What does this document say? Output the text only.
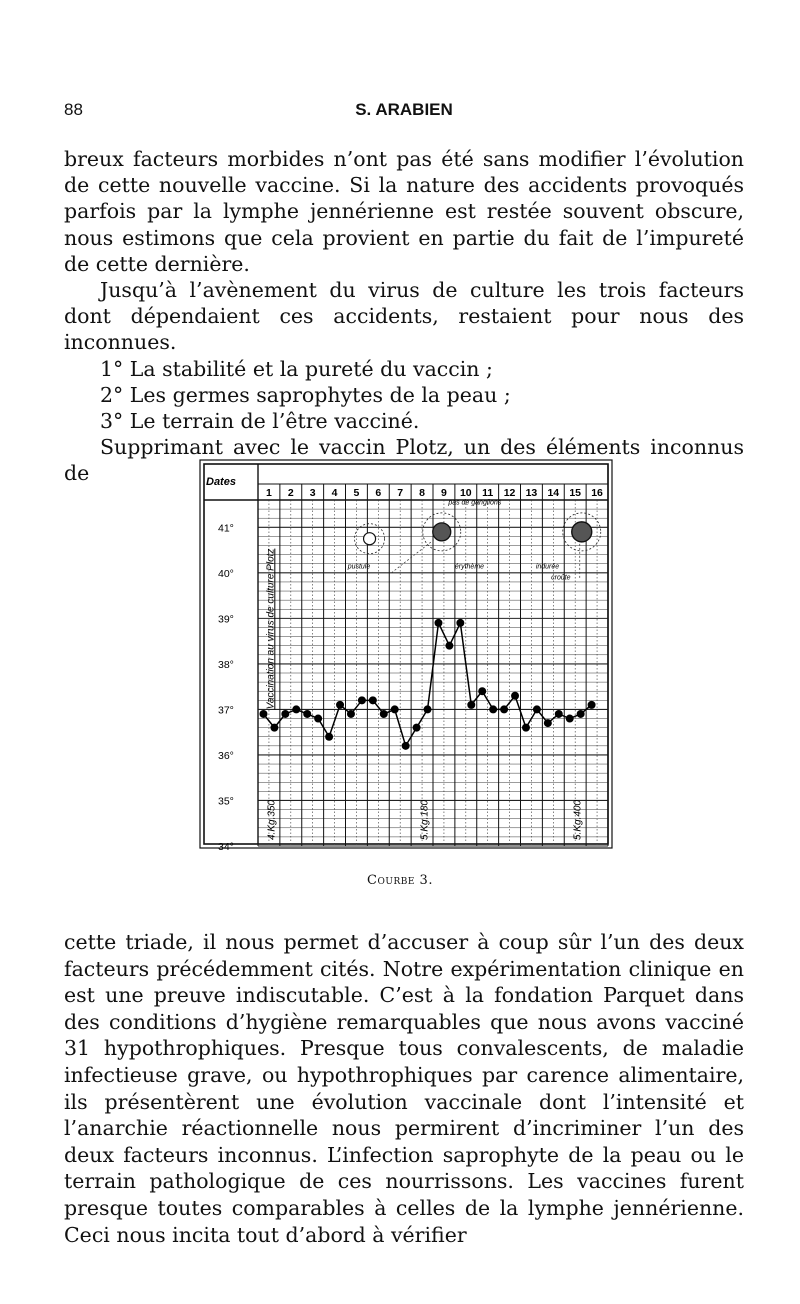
88	S. ARABIEN

breux facteurs morbides n’ont pas été sans modifier l’évolution de cette nouvelle vaccine. Si la nature des accidents provoqués parfois par la lymphe jennérienne est restée souvent obscure, nous estimons que cela provient en partie du fait de l’impureté de cette dernière.

Jusqu’à l’avènement du virus de culture les trois facteurs dont dépendaient ces accidents, restaient pour nous des inconnues.

1° La stabilité et la pureté du vaccin ;

2° Les germes saprophytes de la peau ;

3° Le terrain de l’être vacciné.

Supprimant avec le vaccin Plotz, un des éléments inconnus de	Dates
1 2 3 4 5 6 7 8 9 10 11 12 13 14 15 16
41°
40°
39°
38°
37°
36°
35°
34°
Vaccination au virus de culture Plotz
4.Kg.350	5.Kg.180	5.Kg.400
pustule	érythème
pas de ganglions
indurée
croûte
Courbe 3.

cette triade, il nous permet d’accuser à coup sûr l’un des deux facteurs précédemment cités. Notre expérimentation clinique en est une preuve indiscutable. C’est à la fondation Parquet dans des conditions d’hygiène remarquables que nous avons vacciné 31 hypothrophiques. Presque tous convalescents, de maladie infectieuse grave, ou hypothrophiques par carence alimentaire, ils présentèrent une évolution vaccinale dont l’intensité et l’anarchie réactionnelle nous permirent d’incriminer l’un des deux facteurs inconnus. L’infection saprophyte de la peau ou le terrain pathologique de ces nourrissons. Les vaccines furent presque toutes comparables à celles de la lymphe jennérienne. Ceci nous incita tout d’abord à vérifier
